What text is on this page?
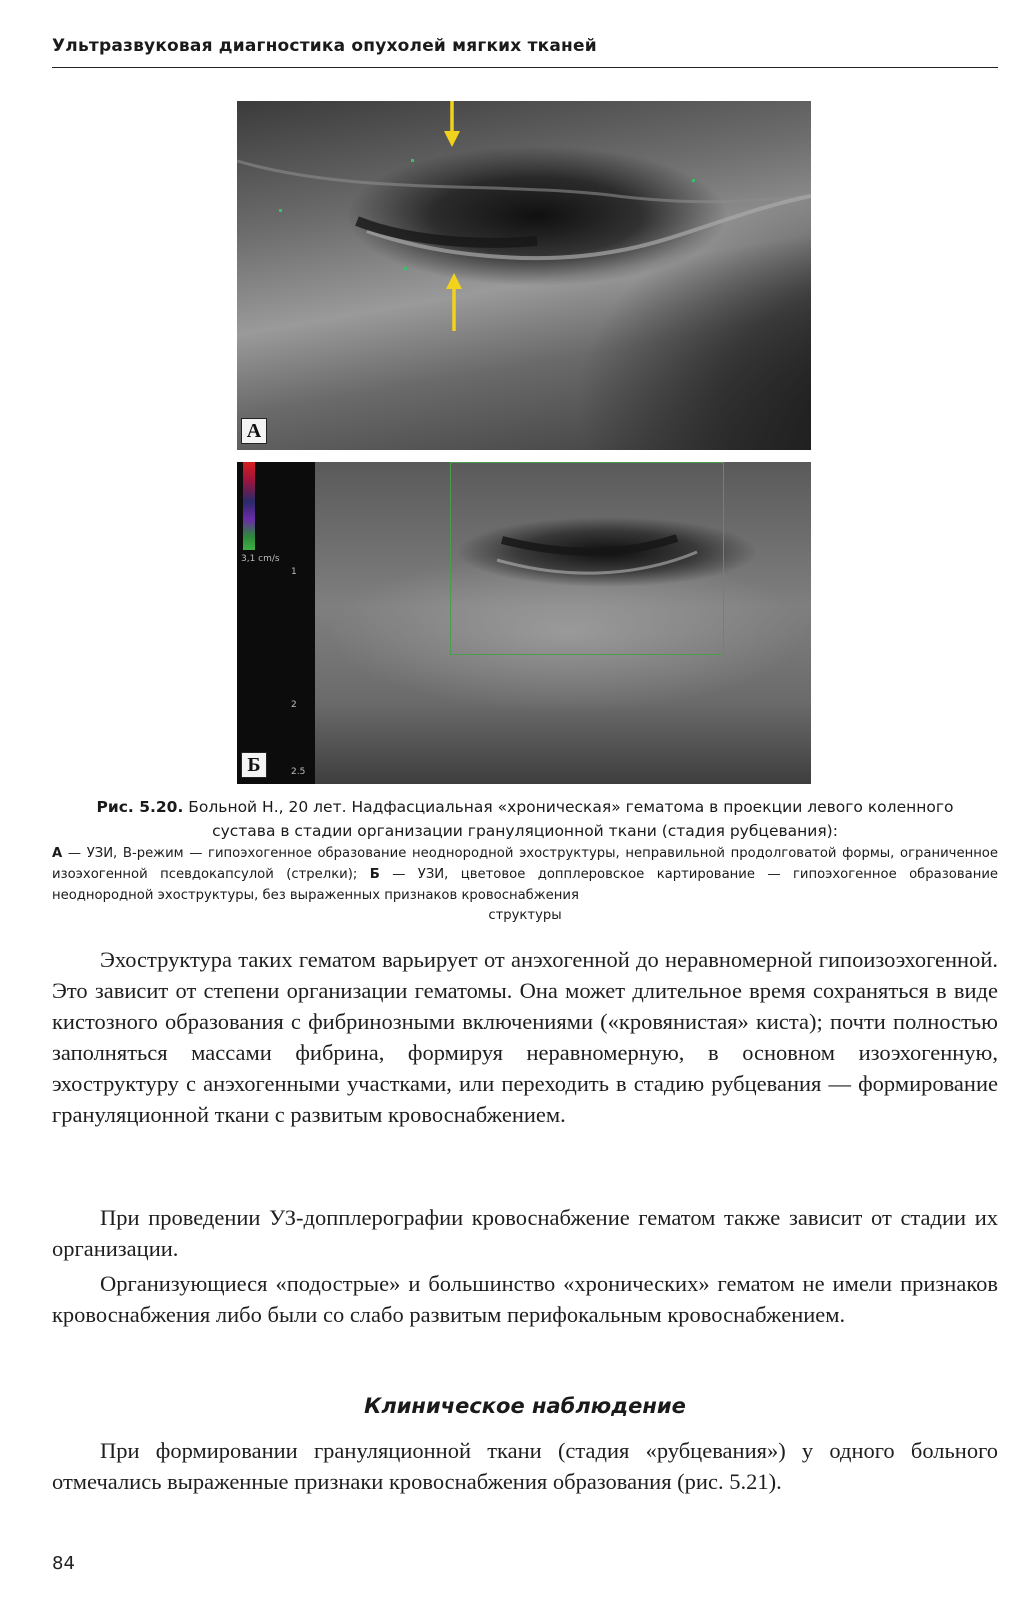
Ультразвуковая диагностика опухолей мягких тканей
А
3,1 cm/s
1
2
2.5
Б
Рис. 5.20. Больной Н., 20 лет. Надфасциальная «хроническая» гематома в проекции левого коленного сустава в стадии организации грануляционной ткани (стадия рубцевания):
А — УЗИ, В-режим — гипоэхогенное образование неоднородной эхоструктуры, неправильной продолговатой формы, ограниченное изоэхогенной псевдокапсулой (стрелки); Б — УЗИ, цветовое допплеровское картирование — гипоэхогенное образование неоднородной эхоструктуры, без выраженных признаков кровоснабжения
структуры

Эхоструктура таких гематом варьирует от анэхогенной до неравномерной гипоизоэхогенной. Это зависит от степени организации гематомы. Она может длительное время сохраняться в виде кистозного образования с фибринозными включениями («кровянистая» киста); почти полностью заполняться массами фибрина, формируя неравномерную, в основном изоэхогенную, эхоструктуру с анэхогенными участками, или переходить в стадию рубцевания — формирование грануляционной ткани с развитым кровоснабжением.

При проведении УЗ-допплерографии кровоснабжение гематом также зависит от стадии их организации.

Организующиеся «подострые» и большинство «хронических» гематом не имели признаков кровоснабжения либо были со слабо развитым перифокальным кровоснабжением.

Клиническое наблюдение

При формировании грануляционной ткани (стадия «рубцевания») у одного больного отмечались выраженные признаки кровоснабжения образования (рис. 5.21).

84
